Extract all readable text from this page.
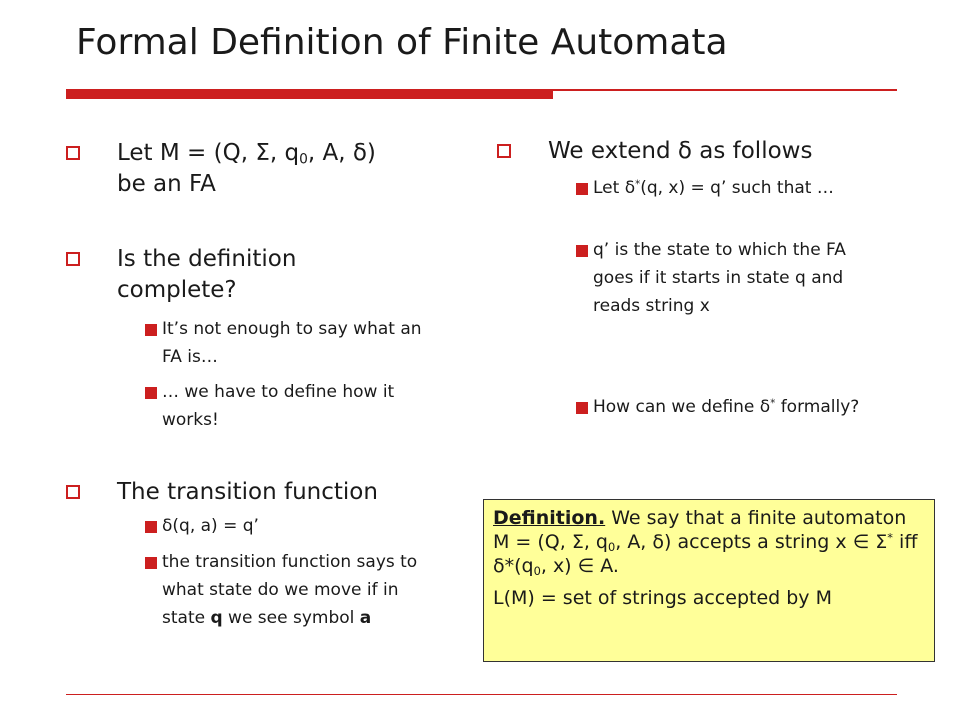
Formal Definition of Finite Automata
Let M = (Q, Σ, $q_0$, A, δ)
be an FA
Is the definition complete?
It’s not enough to say what an FA is…
… we have to define how it works!
The transition function
δ(q, a) = q’
the transition function says to what state do we move if in state q we see symbol a
We extend δ as follows
Let δ*(q, x) = q’ such that …
q’ is the state to which the FA goes if it starts in state q and reads string x
How can we define δ* formally?

Definition. We say that a finite automaton M = (Q, Σ, $q_0$, A, δ) accepts a string x ∈ Σ* iff $\delta*(q_0$, x) ∈ A.

L(M) = set of strings accepted by M
